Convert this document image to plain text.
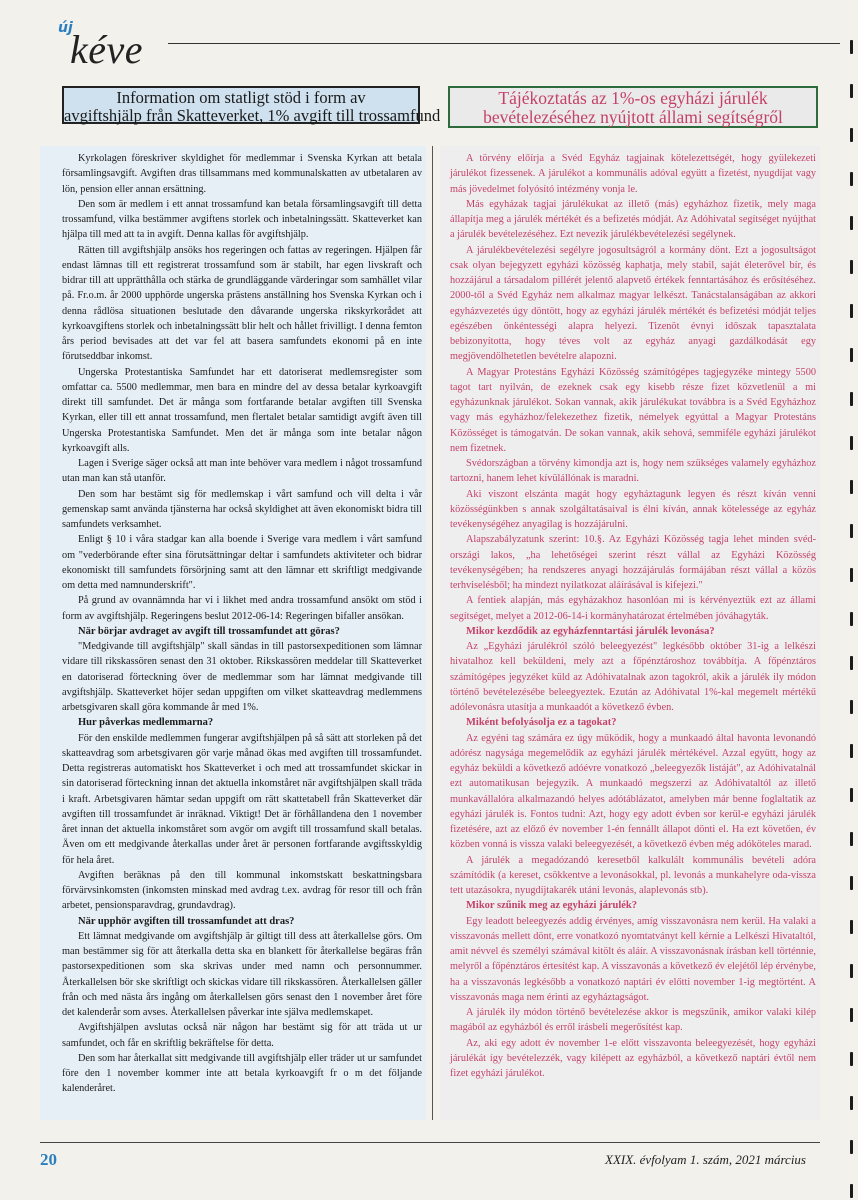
új
kéve
Information om statligt stöd i form av
avgiftshjälp från Skatteverket, 1% avgift till trossamfund
Tájékoztatás az 1%-os egyházi járulék
bevételezéséhez nyújtott állami segítségről

Kyrkolagen föreskriver skyldighet för medlemmar i Svenska Kyrkan att betala församlingsavgift. Avgiften dras tillsammans med kommunalskatten av utbetalaren av lön, pension eller annan ersättning.

Den som är medlem i ett annat trossamfund kan betala församlingsavgift till detta trossamfund, vilka bestämmer avgiftens storlek och inbetalningssätt. Skatteverket kan hjälpa till med att ta in avgift. Denna kallas för avgiftshjälp.

Rätten till avgiftshjälp ansöks hos regeringen och fattas av regeringen. Hjälpen får endast lämnas till ett registrerat trossamfund som är stabilt, har egen livskraft och bidrar till att upprätthålla och stärka de grundläggande värderingar som samhället vilar på. Fr.o.m. år 2000 upphörde ungerska prästens anställning hos Svenska Kyrkan och i denna rådlösa situationen beslutade den dåvarande ungerska rikskyrkorådet att kyrkoavgiftens storlek och inbetalningssätt blir helt och hållet frivilligt. I denna femton års period bevisades att det var fel att basera samfundets ekonomi på en inte förutseddbar inkomst.

Ungerska Protestantiska Samfundet har ett datoriserat medlemsregister som omfattar ca. 5500 medlemmar, men bara en mindre del av dessa betalar kyrkoavgift direkt till samfundet. Det är många som fortfarande betalar avgiften till Svenska Kyrkan, eller till ett annat trossamfund, men flertalet betalar samtidigt avgift även till Ungerska Protestantiska Samfundet. Men det är många som inte betalar någon kyrkoavgift alls.

Lagen i Sverige säger också att man inte behöver vara medlem i något trossamfund utan man kan stå utanför.

Den som har bestämt sig för medlemskap i vårt samfund och vill delta i vår gemenskap samt använda tjänsterna har också skyldighet att även ekonomiskt bidra till samfundets verksamhet.

Enligt § 10 i våra stadgar kan alla boende i Sverige vara medlem i vårt samfund om "vederbörande efter sina förutsättningar deltar i samfundets aktiviteter och bidrar ekonomiskt till samfundets försörjning samt att den lämnar ett skriftligt medgivande om detta med namnunderskrift".

På grund av ovannämnda har vi i likhet med andra trossamfund ansökt om stöd i form av avgiftshjälp. Regeringens beslut 2012-06-14: Regeringen bifaller ansökan.

När börjar avdraget av avgift till trossamfundet att göras?

"Medgivande till avgiftshjälp" skall sändas in till pastorsexpeditionen som lämnar vidare till rikskassören senast den 31 oktober. Rikskassören meddelar till Skatteverket en datoriserad förteckning över de medlemmar som har lämnat medgivande till avgiftshjälp. Skatteverket höjer sedan uppgiften om vilket skatteavdrag medlemmens arbetsgivaren skall göra kommande år med 1%.

Hur påverkas medlemmarna?

För den enskilde medlemmen fungerar avgiftshjälpen på så sätt att storleken på det skatteavdrag som arbetsgivaren gör varje månad ökas med avgiften till trossamfundet. Detta registreras automatiskt hos Skatteverket i och med att trossamfundet skickar in sin datoriserad förteckning innan det aktuella inkomståret när avgiftshjälpen skall träda i kraft. Arbetsgivaren hämtar sedan uppgift om rätt skattetabell från Skatteverket där avgiften till trossamfundet är inräknad. Viktigt! Det är förhållandena den 1 november året innan det aktuella inkomståret som avgör om avgift till trossamfund skall betalas. Även om ett medgivande återkallas under året är personen fortfarande avgiftsskyldig för hela året.

Avgiften beräknas på den till kommunal inkomstskatt beskattningsbara förvärvsinkomsten (inkomsten minskad med avdrag t.ex. avdrag för resor till och från arbetet, pensionsparavdrag, grundavdrag).

När upphör avgiften till trossamfundet att dras?

Ett lämnat medgivande om avgiftshjälp är giltigt till dess att återkallelse görs. Om man bestämmer sig för att återkalla detta ska en blankett för återkallelse begäras från pastorsexpeditionen som ska skrivas under med namn och personnummer. Återkallelsen bör ske skriftligt och skickas vidare till rikskassören. Återkallelsen gäller från och med nästa års ingång om återkallelsen görs senast den 1 november året före det kalenderår som avses. Återkallelsen påverkar inte själva medlemskapet.

Avgiftshjälpen avslutas också när någon har bestämt sig för att träda ut ur samfundet, och får en skriftlig bekräftelse för detta.

Den som har återkallat sitt medgivande till avgiftshjälp eller träder ut ur samfundet före den 1 november kommer inte att betala kyrkoavgift fr o m det följande kalenderåret.

A törvény előírja a Svéd Egyház tagjainak kötelezettségét, hogy gyülekezeti járulékot fizessenek. A járulékot a kommunális adóval együtt a fizetést, nyugdíjat vagy más jövedelmet folyósító intézmény vonja le.

Más egyházak tagjai járulékukat az illető (más) egyházhoz fizetik, mely maga állapítja meg a járulék mértékét és a befizetés módját. Az Adóhivatal segítséget nyújthat a járulék bevételezéséhez. Ezt nevezik járulékbevételezési segélynek.

A járulékbevételezési segélyre jogosultságról a kormány dönt. Ezt a jogosultságot csak olyan bejegyzett egyházi közösség kaphatja, mely stabil, saját életerővel bír, és hozzájárul a társadalom pillérét jelentő alapvető értékek fenntartásához és erősítéséhez. 2000-től a Svéd Egyház nem alkalmaz magyar lelkészt. Tanácstalanságában az akkori egyházvezetés úgy döntött, hogy az egyházi járulék mértékét és befizetési módját teljes egészében önkéntességi alapra helyezi. Tizenöt évnyi időszak tapasztalata bebizonyította, hogy téves volt az egyház anyagi gazdálkodását egy megjövendölhetetlen bevételre alapozni.

A Magyar Protestáns Egyházi Közösség számítógépes tagjegyzéke mintegy 5500 tagot tart nyilván, de ezeknek csak egy kisebb része fizet közvetlenül a mi egyházunknak járulékot. Sokan vannak, akik járulékukat továbbra is a Svéd Egyházhoz vagy más egyházhoz/felekezethez fizetik, némelyek egyúttal a Magyar Protestáns Közösséget is támogatván. De sokan vannak, akik sehová, semmiféle egyházi járulékot nem fizetnek.

Svédországban a törvény kimondja azt is, hogy nem szükséges valamely egyházhoz tartozni, hanem lehet kívülállónak is maradni.

Aki viszont elszánta magát hogy egyháztagunk legyen és részt kíván venni közösségünkben s annak szolgáltatásaival is élni kíván, annak kötelessége az egyház tevékenységéhez anyagilag is hozzájárulni.

Alapszabályzatunk szerint: 10.§. Az Egyházi Közösség tagja lehet minden svéd-országi lakos, „ha lehetőségei szerint részt vállal az Egyházi Közösség tevékenységében; ha rendszeres anyagi hozzájárulás formájában részt vállal a közös terhviselésből; ha mindezt nyilatkozat aláírásával is kifejezi."

A fentiek alapján, más egyházakhoz hasonlóan mi is kérvényeztük ezt az állami segítséget, melyet a 2012-06-14-i kormányhatározat értelmében jóváhagyták.

Mikor kezdődik az egyházfenntartási járulék levonása?

Az „Egyházi járulékról szóló beleegyezést" legkésőbb október 31-ig a lelkészi hivatalhoz kell beküldeni, mely azt a főpénztároshoz továbbítja. A főpénztáros számítógépes jegyzéket küld az Adóhivatalnak azon tagokról, akik a járulék ily módon történő bevételezésébe beleegyeztek. Ezután az Adóhivatal 1%-kal megemelt mértékű adólevonásra utasítja a munkaadót a következő évben.

Miként befolyásolja ez a tagokat?

Az egyéni tag számára ez úgy működik, hogy a munkaadó által havonta levonandó adórész nagysága megemelődik az egyházi járulék mértékével. Azzal együtt, hogy az egyház beküldi a következő adóévre vonatkozó „beleegyezők listáját", az Adóhivatalnál ezt automatikusan bejegyzik. A munkaadó megszerzi az Adóhivataltól az illető munkavállalóra alkalmazandó helyes adótáblázatot, amelyben már benne foglaltatik az egyházi járulék is. Fontos tudni: Azt, hogy egy adott évben sor kerül-e egyházi járulék fizetésére, azt az előző év november 1-én fennállt állapot dönti el. Ha ezt követően, év közben vonná is vissza valaki beleegyezését, a következő évben még adóköteles marad.

A járulék a megadózandó keresetből kalkulált kommunális bevételi adóra számítódik (a kereset, csökkentve a levonásokkal, pl. levonás a munkahelyre oda-vissza tett utazásokra, nyugdíjtakarék utáni levonás, alaplevonás stb).

Mikor szűnik meg az egyházi járulék?

Egy leadott beleegyezés addig érvényes, amíg visszavonásra nem kerül. Ha valaki a visszavonás mellett dönt, erre vonatkozó nyomtatványt kell kérnie a Lelkészi Hivataltól, amit névvel és személyi számával kitölt és aláír. A visszavonásnak írásban kell történnie, melyről a főpénztáros értesítést kap. A visszavonás a következő év elejétől lép érvénybe, ha a visszavonás legkésőbb a vonatkozó naptári év előtti november 1-ig megtörtént. A visszavonás maga nem érinti az egyháztagságot.

A járulék ily módon történő bevételezése akkor is megszűnik, amikor valaki kilép magából az egyházból és erről írásbeli megerősítést kap.

Az, aki egy adott év november 1-e előtt visszavonta beleegyezését, hogy egyházi járulékát így bevételezzék, vagy kilépett az egyházból, a következő naptári évtől nem fizet egyházi járulékot.

20	XXIX. évfolyam 1. szám, 2021 március
